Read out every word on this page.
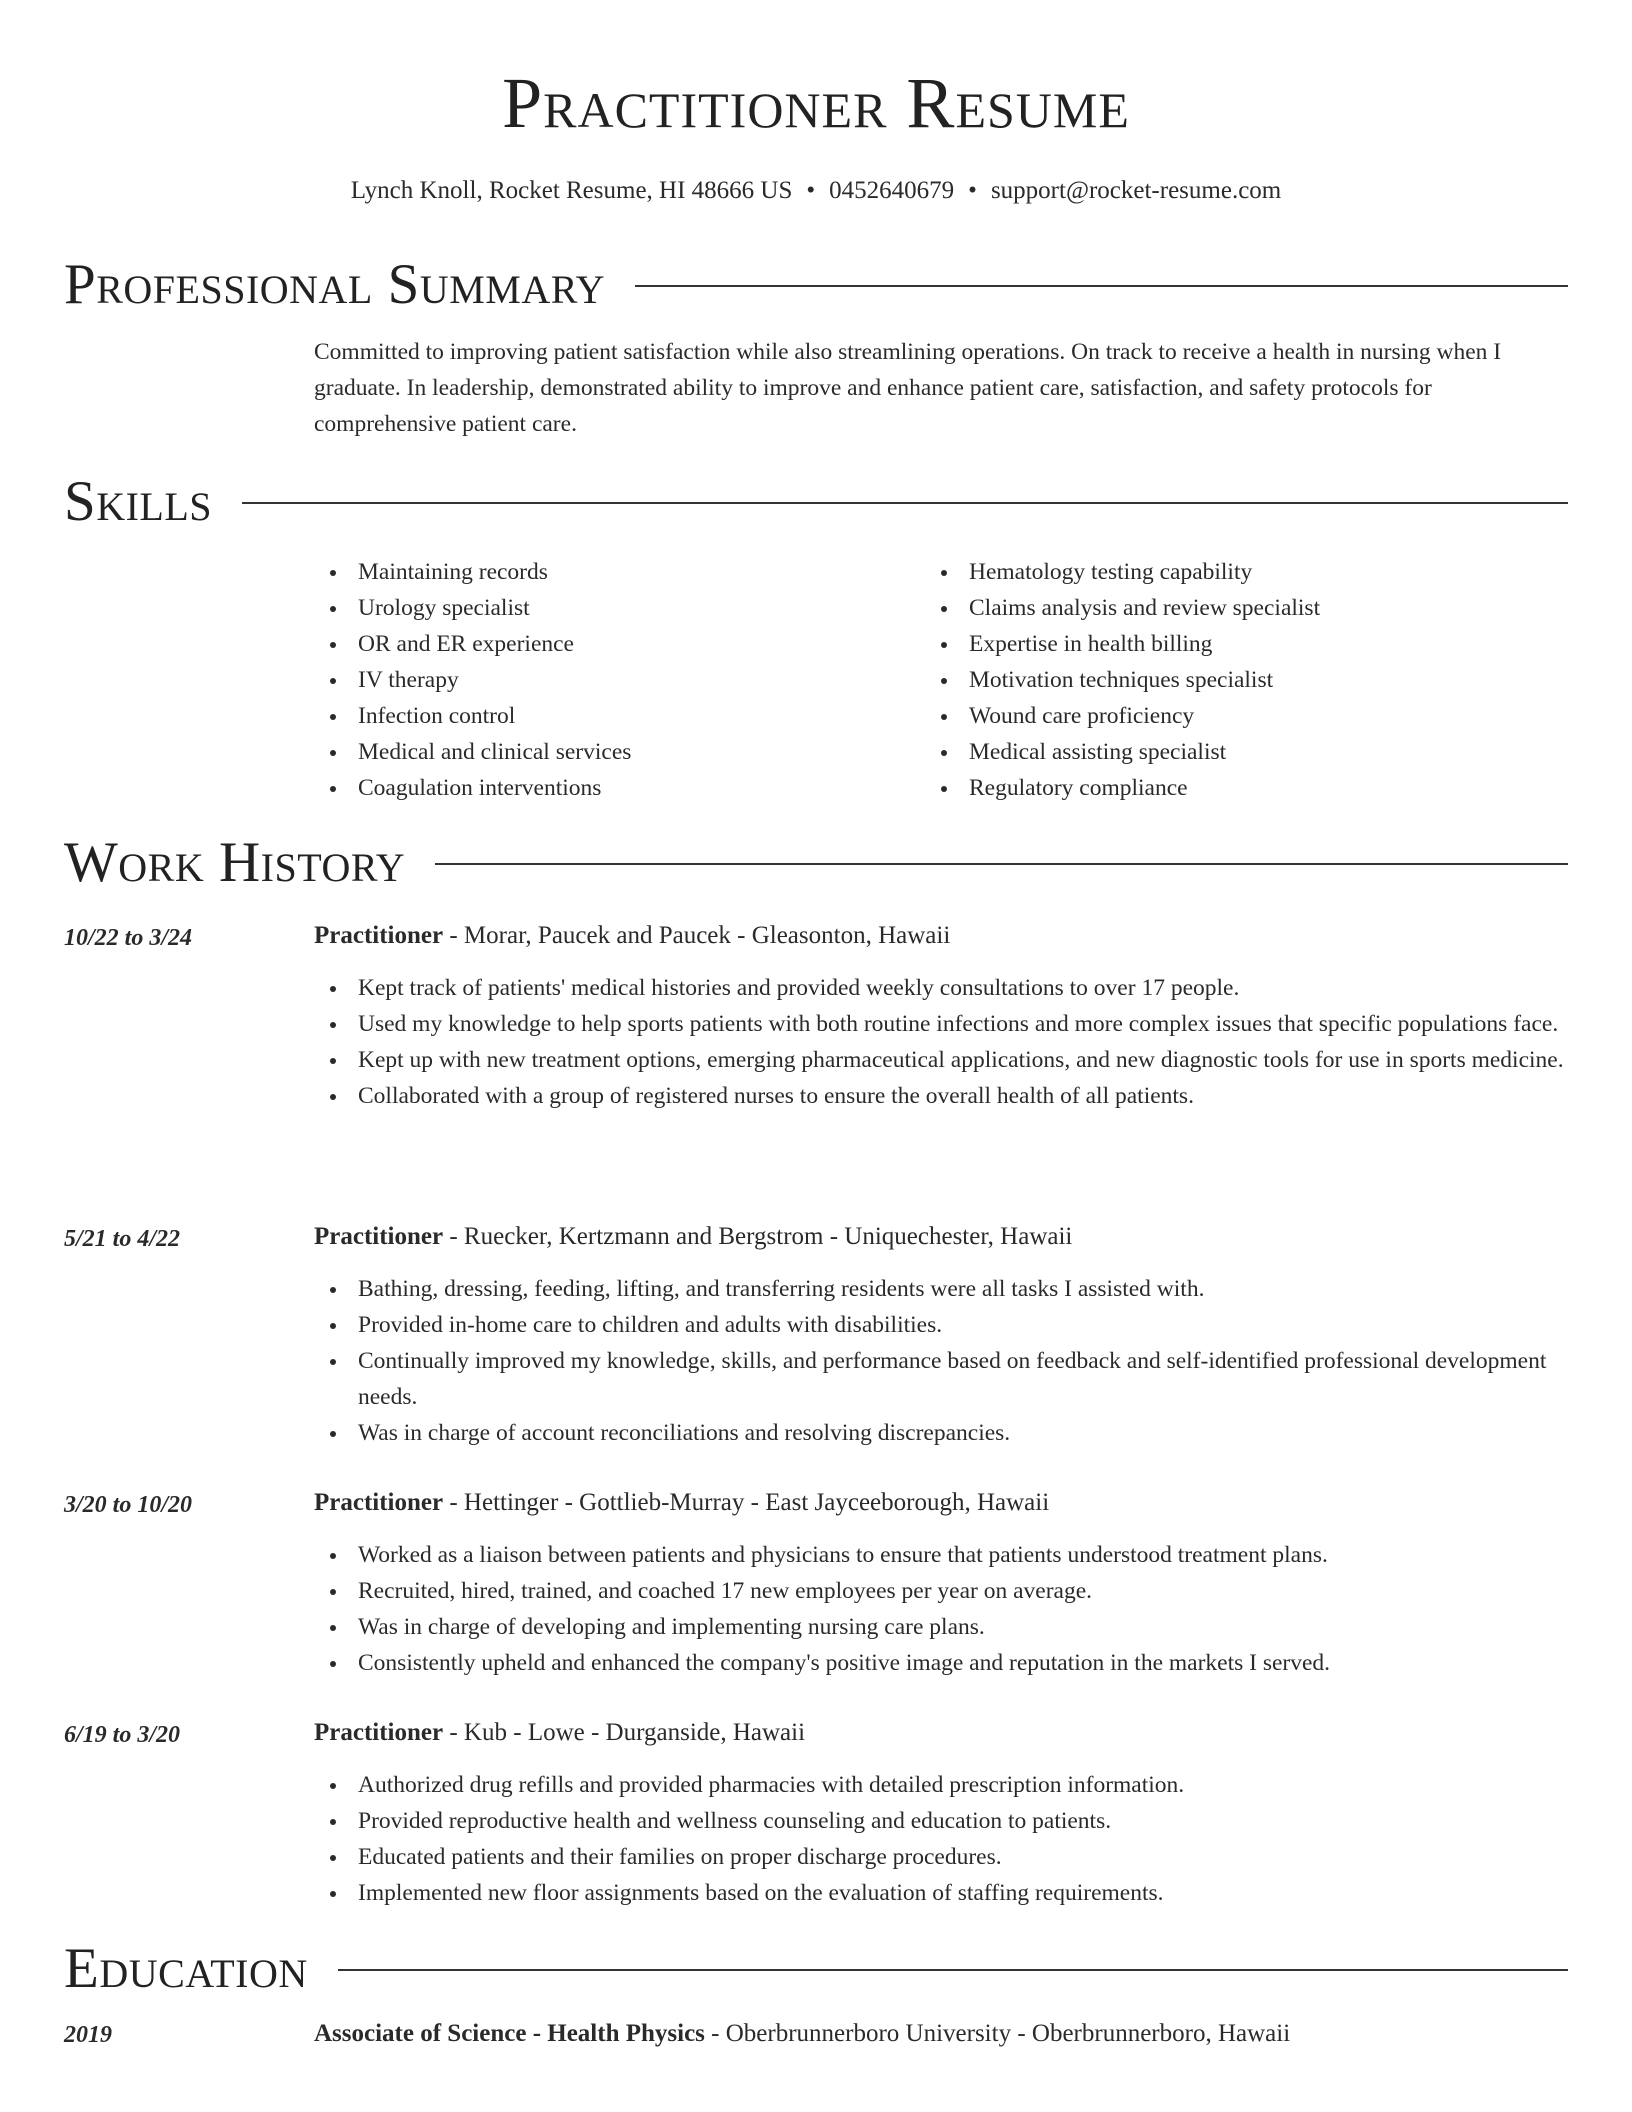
Practitioner Resume
Lynch Knoll, Rocket Resume, HI 48666 US • 0452640679 • support@rocket-resume.com
Professional Summary
Committed to improving patient satisfaction while also streamlining operations. On track to receive a health in nursing when I graduate. In leadership, demonstrated ability to improve and enhance patient care, satisfaction, and safety protocols for comprehensive patient care.
Skills
Maintaining records
Urology specialist
OR and ER experience
IV therapy
Infection control
Medical and clinical services
Coagulation interventions
Hematology testing capability
Claims analysis and review specialist
Expertise in health billing
Motivation techniques specialist
Wound care proficiency
Medical assisting specialist
Regulatory compliance
Work History
10/22 to 3/24	Practitioner - Morar, Paucek and Paucek - Gleasonton, Hawaii
Kept track of patients' medical histories and provided weekly consultations to over 17 people.
Used my knowledge to help sports patients with both routine infections and more complex issues that specific populations face.
Kept up with new treatment options, emerging pharmaceutical applications, and new diagnostic tools for use in sports medicine.
Collaborated with a group of registered nurses to ensure the overall health of all patients.
5/21 to 4/22	Practitioner - Ruecker, Kertzmann and Bergstrom - Uniquechester, Hawaii
Bathing, dressing, feeding, lifting, and transferring residents were all tasks I assisted with.
Provided in-home care to children and adults with disabilities.
Continually improved my knowledge, skills, and performance based on feedback and self-identified professional development needs.
Was in charge of account reconciliations and resolving discrepancies.
3/20 to 10/20	Practitioner - Hettinger - Gottlieb-Murray - East Jayceeborough, Hawaii
Worked as a liaison between patients and physicians to ensure that patients understood treatment plans.
Recruited, hired, trained, and coached 17 new employees per year on average.
Was in charge of developing and implementing nursing care plans.
Consistently upheld and enhanced the company's positive image and reputation in the markets I served.
6/19 to 3/20	Practitioner - Kub - Lowe - Durganside, Hawaii
Authorized drug refills and provided pharmacies with detailed prescription information.
Provided reproductive health and wellness counseling and education to patients.
Educated patients and their families on proper discharge procedures.
Implemented new floor assignments based on the evaluation of staffing requirements.
Education
2019	Associate of Science - Health Physics - Oberbrunnerboro University - Oberbrunnerboro, Hawaii
